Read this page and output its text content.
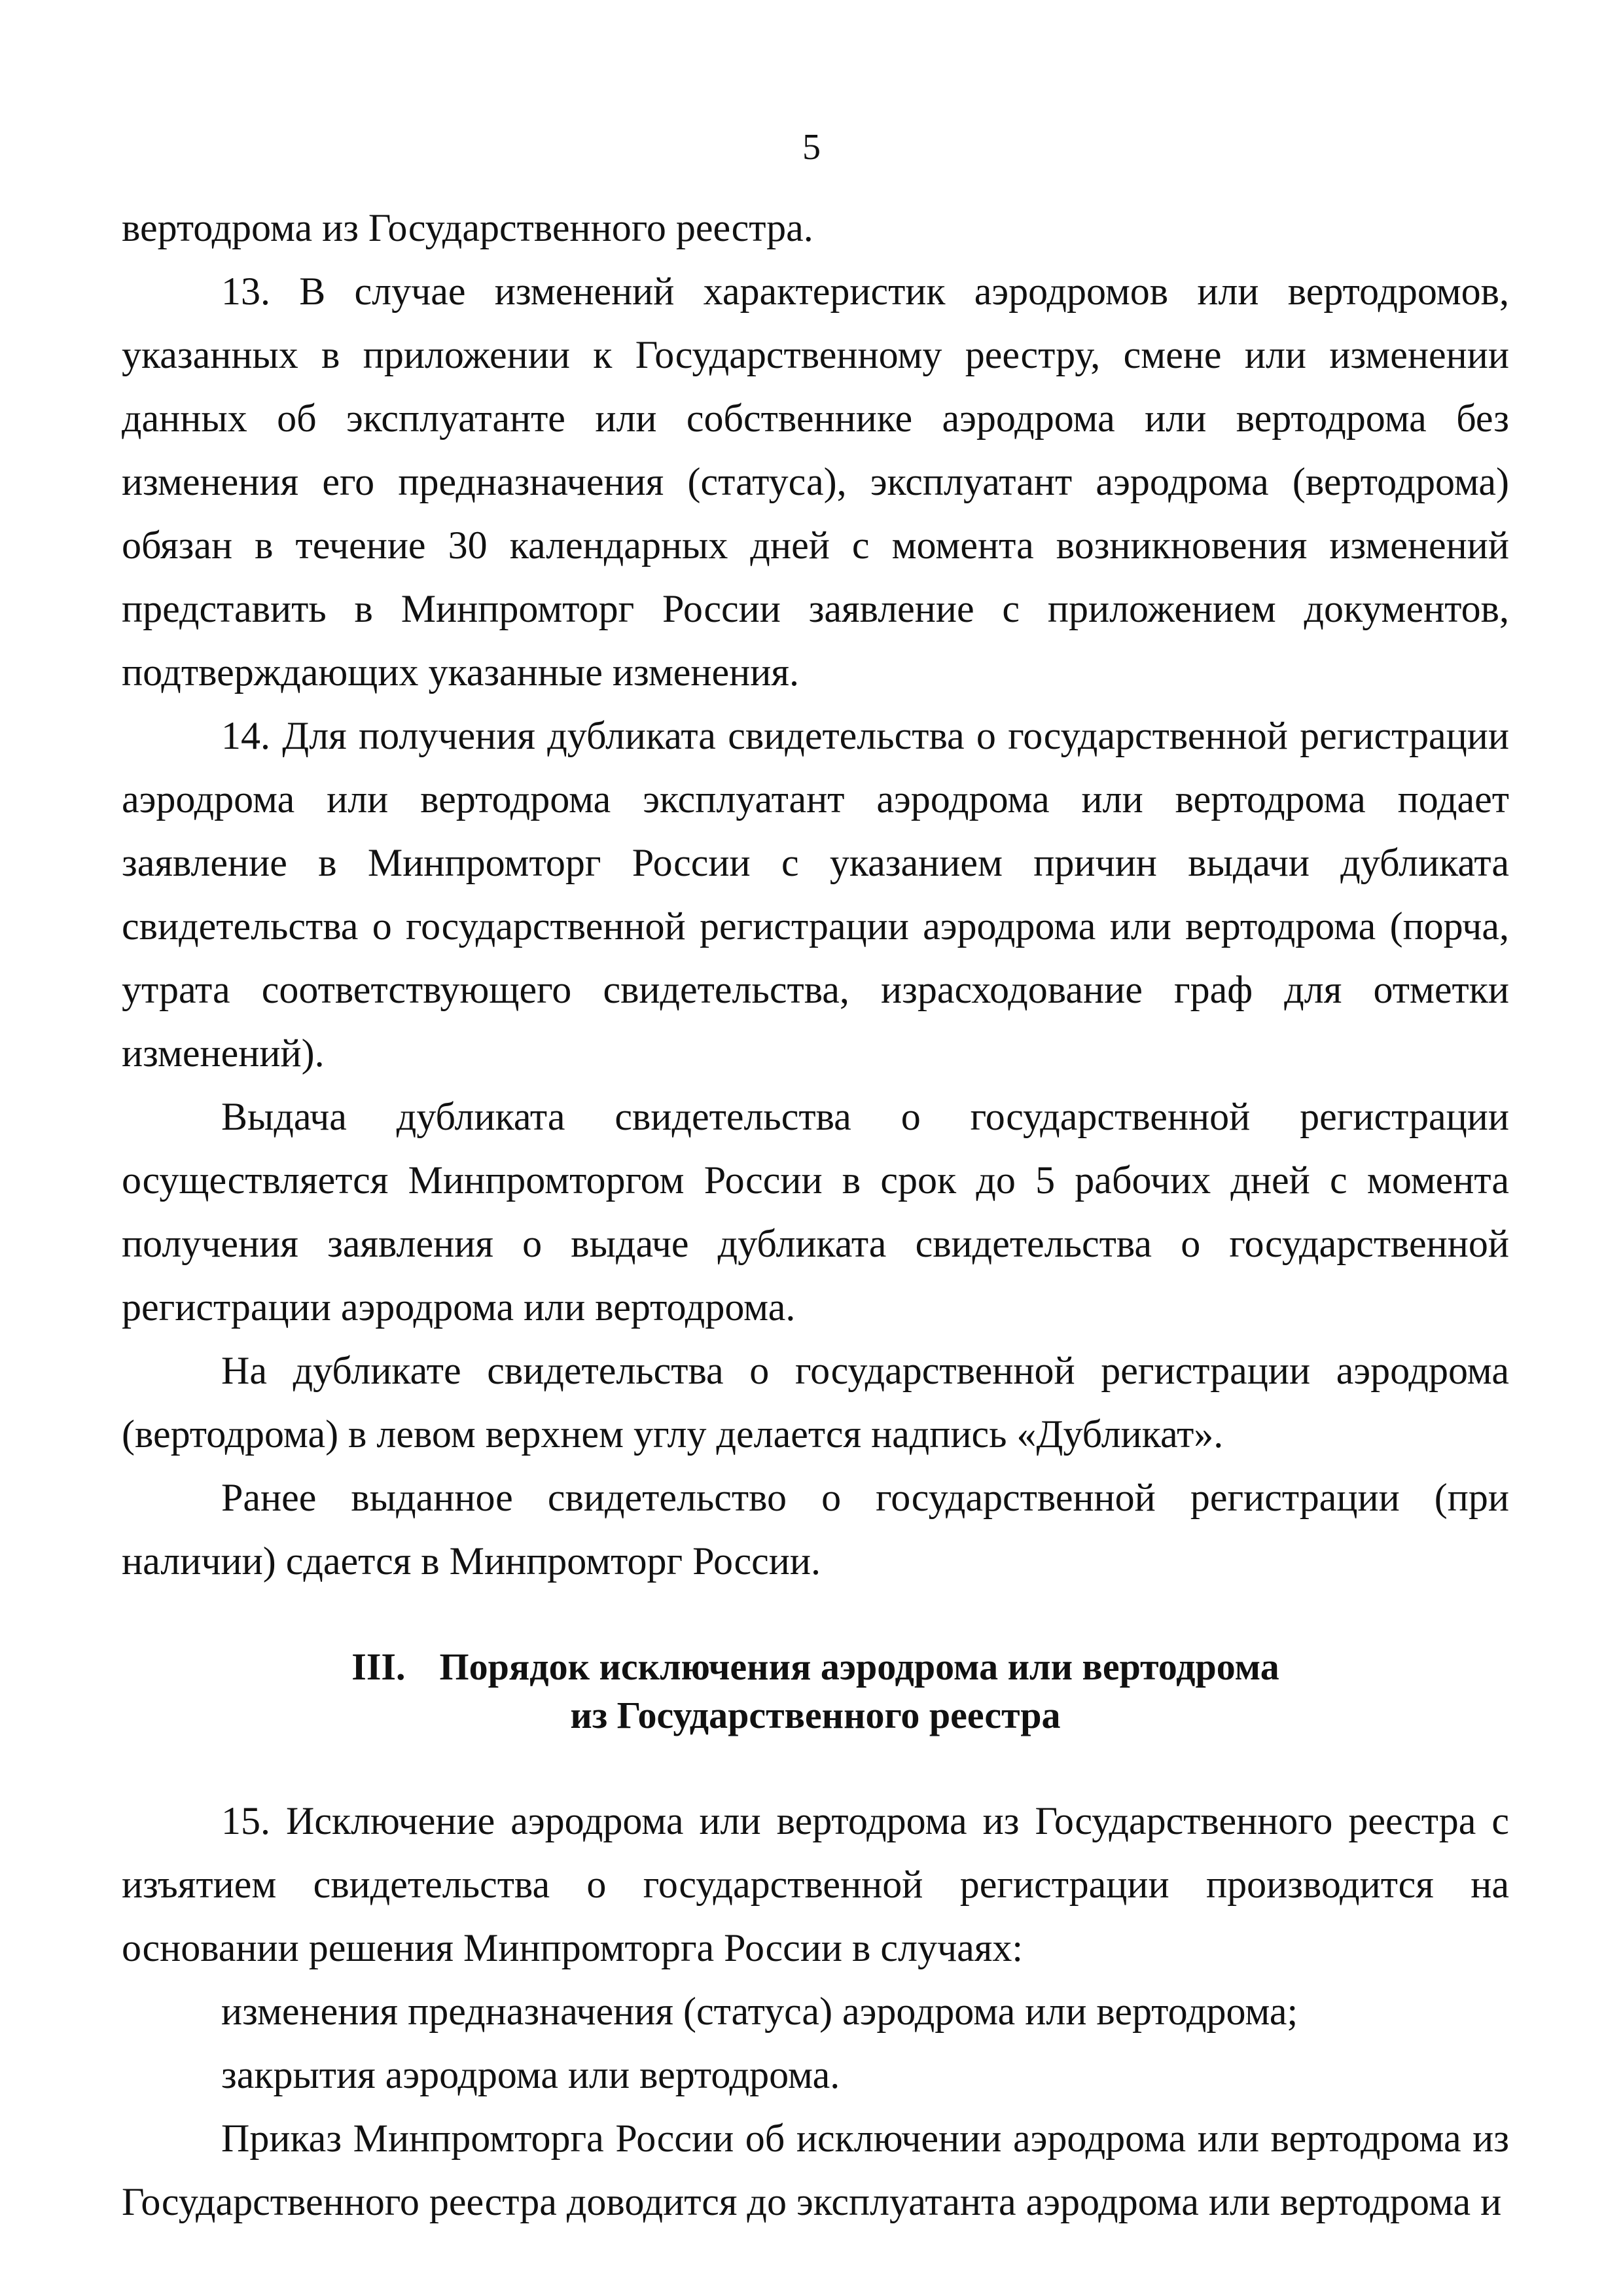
5

вертодрома из Государственного реестра.

13. В случае изменений характеристик аэродромов или вертодромов, указанных в приложении к Государственному реестру, смене или изменении данных об эксплуатанте или собственнике аэродрома или вертодрома без изменения его предназначения (статуса), эксплуатант аэродрома (вертодрома) обязан в течение 30 календарных дней с момента возникновения изменений представить в Минпромторг России заявление с приложением документов, подтверждающих указанные изменения.

14. Для получения дубликата свидетельства о государственной регистрации аэродрома или вертодрома эксплуатант аэродрома или вертодрома подает заявление в Минпромторг России с указанием причин выдачи дубликата свидетельства о государственной регистрации аэродрома или вертодрома (порча, утрата соответствующего свидетельства, израсходование граф для отметки изменений).

Выдача дубликата свидетельства о государственной регистрации осуществляется Минпромторгом России в срок до 5 рабочих дней с момента получения заявления о выдаче дубликата свидетельства о государственной регистрации аэродрома или вертодрома.

На дубликате свидетельства о государственной регистрации аэродрома (вертодрома) в левом верхнем углу делается надпись «Дубликат».

Ранее выданное свидетельство о государственной регистрации (при наличии) сдается в Минпромторг России.

III. Порядок исключения аэродрома или вертодрома
из Государственного реестра

15. Исключение аэродрома или вертодрома из Государственного реестра с изъятием свидетельства о государственной регистрации производится на основании решения Минпромторга России в случаях:

изменения предназначения (статуса) аэродрома или вертодрома;

закрытия аэродрома или вертодрома.

Приказ Минпромторга России об исключении аэродрома или вертодрома из Государственного реестра доводится до эксплуатанта аэродрома или вертодрома и
